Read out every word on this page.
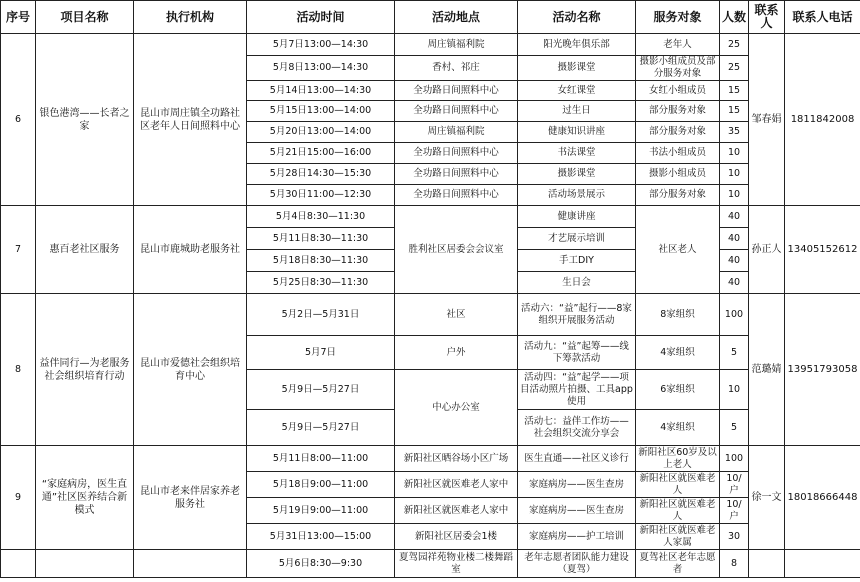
序号	项目名称	执行机构	活动时间	活动地点	活动名称	服务对象	人数	联系人	联系人电话
6	银色港湾——长者之家	昆山市周庄镇全功路社区老年人日间照料中心	5月7日13:00—14:30	周庄镇福利院	阳光晚年俱乐部	老年人	25	邹春娟	1811842008
			5月8日13:00—14:30	香村、祁庄	摄影课堂	摄影小组成员及部分服务对象	25		
			5月14日13:00—14:30	全功路日间照料中心	女红课堂	女红小组成员	15		
			5月15日13:00—14:00	全功路日间照料中心	过生日	部分服务对象	15		
			5月20日13:00—14:00	周庄镇福利院	健康知识讲座	部分服务对象	35		
			5月21日15:00—16:00	全功路日间照料中心	书法课堂	书法小组成员	10		
			5月28日14:30—15:30	全功路日间照料中心	摄影课堂	摄影小组成员	10		
			5月30日11:00—12:30	全功路日间照料中心	活动场景展示	部分服务对象	10		
7	惠百老社区服务	昆山市鹿城助老服务社	5月4日8:30—11:30	胜利社区居委会会议室	健康讲座	社区老人	40	孙正人	13405152612
			5月11日8:30—11:30		才艺展示培训		40		
			5月18日8:30—11:30		手工DIY		40		
			5月25日8:30—11:30		生日会		40		
8	益伴同行—为老服务社会组织培育行动	昆山市爱德社会组织培育中心	5月2日—5月31日	社区	活动六：“益”起行——8家组织开展服务活动	8家组织	100	范璐婧	13951793058
			5月7日	户外	活动九：“益”起筹——线下筹款活动	4家组织	5		
			5月9日—5月27日	中心办公室	活动四：“益”起学——项目活动照片拍摄、工具app使用	6家组织	10		
			5月9日—5月27日		活动七：益伴工作坊——社会组织交流分享会	4家组织	5		
9	“家庭病房，医生直通”社区医养结合新模式	昆山市老来伴居家养老服务社	5月11日8:00—11:00	新阳社区晒谷场小区广场	医生直通——社区义诊行	新阳社区60岁及以上老人	100	徐一文	18018666448
			5月18日9:00—11:00	新阳社区就医难老人家中	家庭病房——医生查房	新阳社区就医难老人	10/户		
			5月19日9:00—11:00	新阳社区就医难老人家中	家庭病房——医生查房	新阳社区就医难老人	10/户		
			5月31日13:00—15:00	新阳社区居委会1楼	家庭病房——护工培训	新阳社区就医难老人家属	30		
			5月6日8:30—9:30	夏驾园祥苑物业楼二楼舞蹈室	老年志愿者团队能力建设（夏驾）	夏驾社区老年志愿者	8		
